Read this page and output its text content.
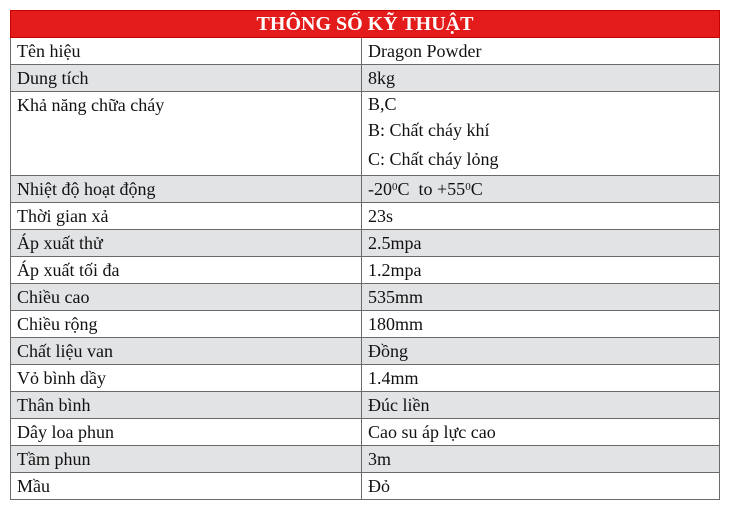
THÔNG SỐ KỸ THUẬT	
Tên hiệu	Dragon Powder
Dung tích	8kg
Khả năng chữa cháy	B,C
B: Chất cháy khí
C: Chất cháy lỏng

Nhiệt độ hoạt động	$-20^0C$ to $+55^0C$
Thời gian xả	23s
Áp xuất thử	2.5mpa
Áp xuất tối đa	1.2mpa
Chiều cao	535mm
Chiều rộng	180mm
Chất liệu van	Đồng
Vỏ bình dầy	1.4mm
Thân bình	Đúc liền
Dây loa phun	Cao su áp lực cao
Tầm phun	3m
Mầu	Đỏ
